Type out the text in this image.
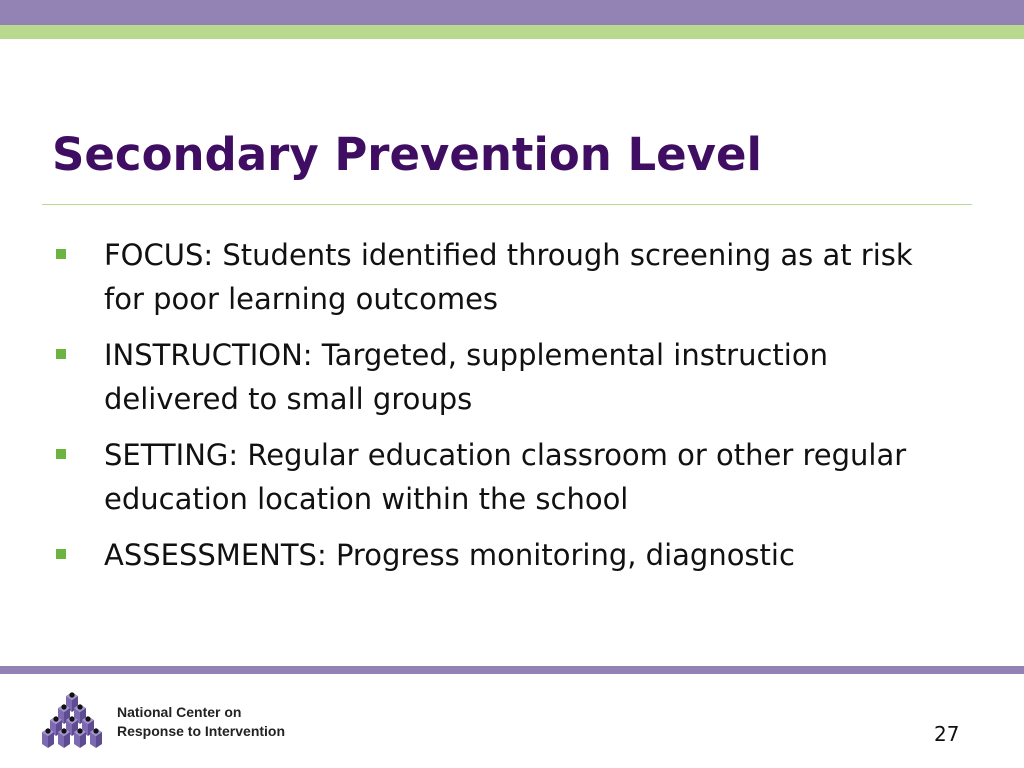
Secondary Prevention Level
FOCUS: Students identified through screening as at risk for poor learning outcomes
INSTRUCTION: Targeted, supplemental instruction delivered to small groups
SETTING: Regular education classroom or other regular education location within the school
ASSESSMENTS: Progress monitoring, diagnostic
National Center on
Response to Intervention	27
